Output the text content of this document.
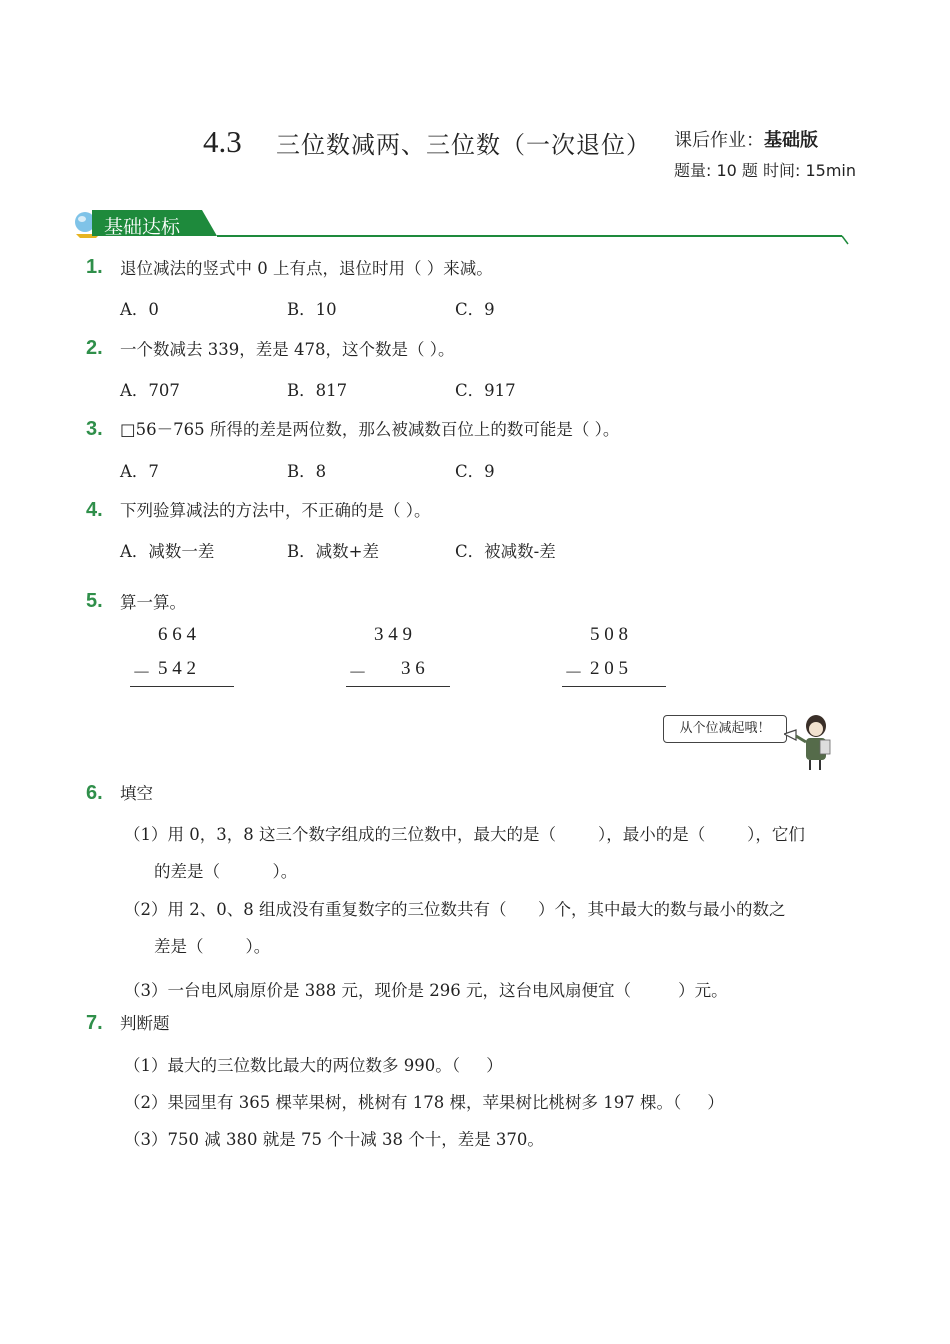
4.3 三位数减两、三位数（一次退位） 课后作业：基础版
题量: 10 题 时间: 15min
基础达标
1. 退位减法的竖式中 0 上有点，退位时用（ ）来减。
A．0	B．10	C．9
2. 一个数减去 339，差是 478，这个数是（ ）。
A．707	B．817	C．917
3. □56－765 所得的差是两位数，那么被减数百位上的数可能是（ ）。
A．7	B．8	C．9
4. 下列验算减法的方法中，不正确的是（ ）。
A．减数一差	B．减数+差	C．被减数-差
5. 算一算。
6 6 4
－ 5 4 2
3 4 9
－ 3 6
5 0 8
－ 2 0 5
从个位减起哦！
6. 填空
（1）用 0，3，8 这三个数字组成的三位数中，最大的是（        ），最小的是（        ），它们
的差是（          ）。
（2）用 2、0、8 组成没有重复数字的三位数共有（      ）个，其中最大的数与最小的数之
差是（        ）。
（3）一台电风扇原价是 388 元，现价是 296 元，这台电风扇便宜（         ）元。
7. 判断题
（1）最大的三位数比最大的两位数多 990。（     ）
（2）果园里有 365 棵苹果树，桃树有 178 棵，苹果树比桃树多 197 棵。（     ）
（3）750 减 380 就是 75 个十减 38 个十，差是 370。
